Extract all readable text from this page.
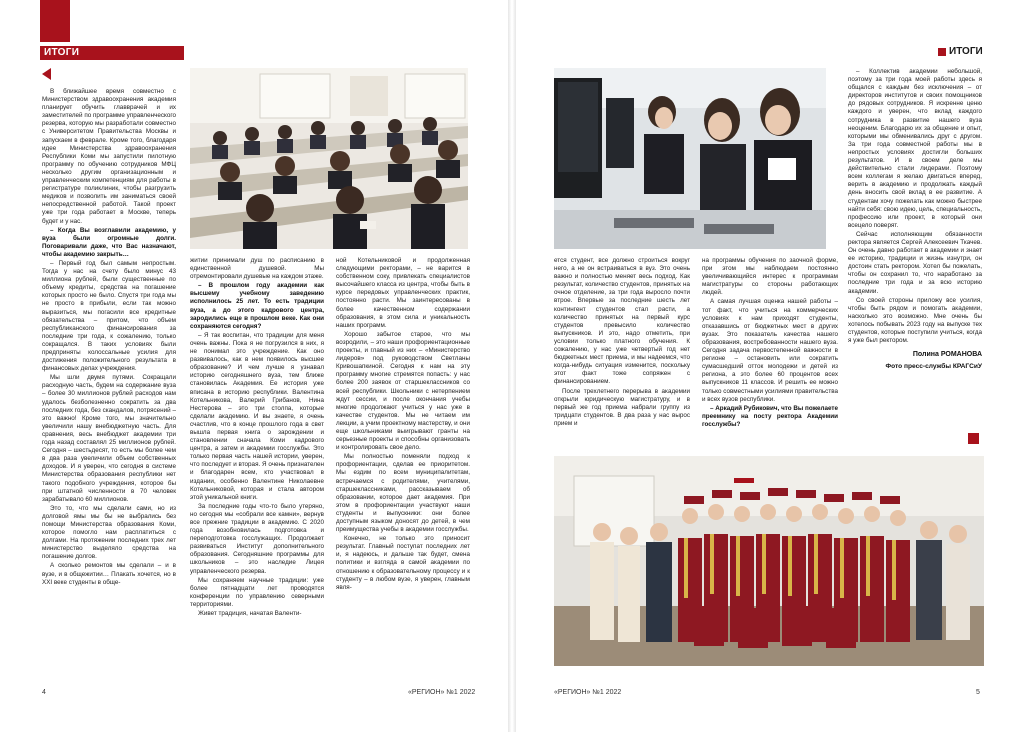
ИТОГИ	ИТОГИ

В ближайшее время совместно с Министерством здравоохранения академия планирует обучить главврачей и их заместителей по программе управленческого резерва, которую мы разработали совместно с Университетом Правительства Москвы и запускаем в феврале. Кроме того, благодаря идее Министерства здравоохранения Республики Коми мы запустили пилотную программу по обучению сотрудников МФЦ несколько другим организационным и управленческим компетенциям для работы в регистратуре поликлиник, чтобы разгрузить медиков и позволить им заниматься своей непосредственной работой. Такой проект уже три года работает в Москве, теперь будет и у нас.

– Когда Вы возглавили академию, у вуза были огромные долги. Поговаривали даже, что Вас назначают, чтобы академию закрыть…

– Первый год был самым непростым. Тогда у нас на счету было минус 43 миллиона рублей, были существенные по объему кредиты, средства на погашение которых просто не было. Спустя три года мы не просто в прибыли, если так можно выразиться, мы погасили все кредитные обязательства – притом, что объем республиканского финансирования за последние три года, к сожалению, только сокращался. В таких условиях были предприняты колоссальные усилия для достижения положительного результата в финансовых делах учреждения.

Мы шли двумя путями. Сокращали расходную часть, будем на содержание вуза – более 30 миллионов рублей расходов нам удалось безболезненно сократить за два последних года, без скандалов, потрясений – это важно! Кроме того, мы значительно увеличили нашу внебюджетную часть. Для сравнения, весь внебюджет академии три года назад составлял 25 миллионов рублей. Сегодня – шестьдесят, то есть мы более чем в два раза увеличили объем собственных доходов. И я уверен, что сегодня в системе Министерства образования республики нет такого подобного учреждения, которое бы при штатной численности в 70 человек зарабатывало 60 миллионов.

Это то, что мы сделали сами, но из долговой ямы мы бы не выбрались без помощи Министерства образования Коми, которое помогло нам расплатиться с долгами. На протяжении последних трех лет министерство выделяло средства на погашение долгов.

А сколько ремонтов мы сделали – и в вузе, и в общежитии… Плакать хочется, но в XXI веке студенты в обще-

житии принимали душ по расписанию в единственной душевой. Мы отремонтировали душевые на каждом этаже.

– В прошлом году академии как высшему учебному заведению исполнилось 25 лет. То есть традиции вуза, а до этого кадрового центра, зародились еще в прошлом веке. Как они сохраняются сегодня?

– Я так воспитан, что традиции для меня очень важны. Пока я не погрузился в них, я не понимал это учреждение. Как оно развивалось, как в нем появилось высшее образование? И чем лучше я узнавал историю сегодняшнего вуза, тем ближе становилась Академия. Ее история уже вписана в историю республики. Валентина Котельникова, Валерий Грибанов, Нина Нестерова – это три столпа, которые сделали академию. И вы знаете, я очень счастлив, что в конце прошлого года в свет вышла первая книга о зарождении и становлении сначала Коми кадрового центра, а затем и академии госслужбы. Это только первая часть нашей истории, уверен, что последует и вторая. Я очень признателен и благодарен всем, кто участвовал в издании, особенно Валентине Николаевне Котельниковой, которая и стала автором этой уникальной книги.

За последние годы что-то было утеряно, но сегодня мы «собрали все камни», вернув все прежние традиции в академию. С 2020 года возобновилась подготовка и переподготовка госслужащих. Продолжает развиваться Институт дополнительного образования. Сегодняшние программы для школьников – это наследие Лицея управленческого резерва.

Мы сохраняем научные традиции: уже более пятнадцати лет проводятся конференции по управлению северными территориями.

Живет традиция, начатая Валенти-

ной Котельниковой и продолженная следующими ректорами, – не варится в собственном соку, привлекать специалистов высочайшего класса из центра, чтобы быть в курсе передовых управленческих практик, постоянно расти. Мы заинтересованы в более качественном содержании образования, в этом сила и уникальность наших программ.

Хорошо забытое старое, что мы возродили, – это наши профориентационные проекты, и главный из них – «Министерство лидеров» под руководством Светланы Кривошапкиной. Сегодня к нам на эту программу многие стремятся попасть: у нас более 200 заявок от старшеклассников со всей республики. Школьники с нетерпением ждут сессии, и после окончания учебы многие продолжают учиться у нас уже в качестве студентов. Мы не читаем им лекции, а учим проектному мастерству, и они еще школьниками выигрывают гранты на серьезные проекты и способны организовать и контролировать свое дело.

Мы полностью поменяли подход к профориентации, сделав ее приоритетом. Мы ездим по всем муниципалитетам, встречаемся с родителями, учителями, старшеклассниками, рассказываем об образовании, которое дает академия. При этом в профориентации участвуют наши студенты и выпускники: они более доступным языком доносят до детей, в чем преимущества учебы в академии госслужбы.

Конечно, не только это приносит результат. Главный поступат последних лет и, я надеюсь, и дальше так будет, смена политики и взгляда в самой академии по отношению к образовательному процессу и к студенту – в любом вузе, я уверен, главным явля-

ется студент, все должно строиться вокруг него, а не он встраиваться в вуз. Это очень важно и полностью меняет весь подход. Как результат, количество студентов, принятых на очное отделение, за три года выросло почти втрое. Впервые за последние шесть лет контингент студентов стал расти, а количество принятых на первый курс студентов превысило количество выпускников. И это, надо отметить, при условии только платного обучения. К сожалению, у нас уже четвертый год нет бюджетных мест приема, и мы надеемся, что когда-нибудь ситуация изменится, поскольку этот факт тоже сопряжен с финансированием.

После трехлетнего перерыва в академии открыли юридическую магистратуру, и в первый же год приема набрали группу из тридцати студентов. В два раза у нас вырос прием и

на программы обучения по заочной форме, при этом мы наблюдаем постоянно увеличивающийся интерес к программам магистратуры со стороны работающих людей.

А самая лучшая оценка нашей работы – тот факт, что учиться на коммерческих условиях к нам приходят студенты, отказавшись от бюджетных мест в других вузах. Это показатель качества нашего образования, востребованности нашего вуза. Сегодня задача первостепенной важности в регионе – остановить или сократить сумасшедший отток молодежи и детей из региона, а это более 60 процентов всех выпускников 11 классов. И решить ее можно только совместными усилиями правительства и всех вузов республики.

– Аркадий Рубикович, что Вы пожелаете преемнику на посту ректора Академии госслужбы?

– Коллектив академии небольшой, поэтому за три года моей работы здесь я общался с каждым без исключения – от директоров институтов и своих помощников до рядовых сотрудников. Я искренне ценю каждого и уверен, что вклад каждого сотрудника в развитие нашего вуза неоценим. Благодарю их за общение и опыт, которыми мы обменивались друг с другом. За три года совместной работы мы в непростых условиях достигли больших результатов. И в своем деле мы действительно стали лидерами. Поэтому всем коллегам я желаю двигаться вперед, верить в академию и продолжать каждый день вносить свой вклад в ее развитие. А студентам хочу пожелать как можно быстрее найти себя: свою идею, цель, специальность, профессию или проект, в который они всецело поверят.

Сейчас исполняющим обязанности ректора является Сергей Алексеевич Ткачев. Он очень давно работает в академии и знает ее историю, традиции и жизнь изнутри, он достоин стать ректором. Хотел бы пожелать, чтобы он сохранил то, что наработано за последние три года и за всю историю академии.

Со своей стороны приложу все усилия, чтобы быть рядом и помогать академии, насколько это возможно. Мне очень бы хотелось побывать 2023 году на выпуске тех студентов, которые поступили учиться, когда я уже был ректором.

Полина РОМАНОВА
Фото пресс-службы КРАГСиУ
4	«РЕГИОН» №1 2022	«РЕГИОН» №1 2022	5
